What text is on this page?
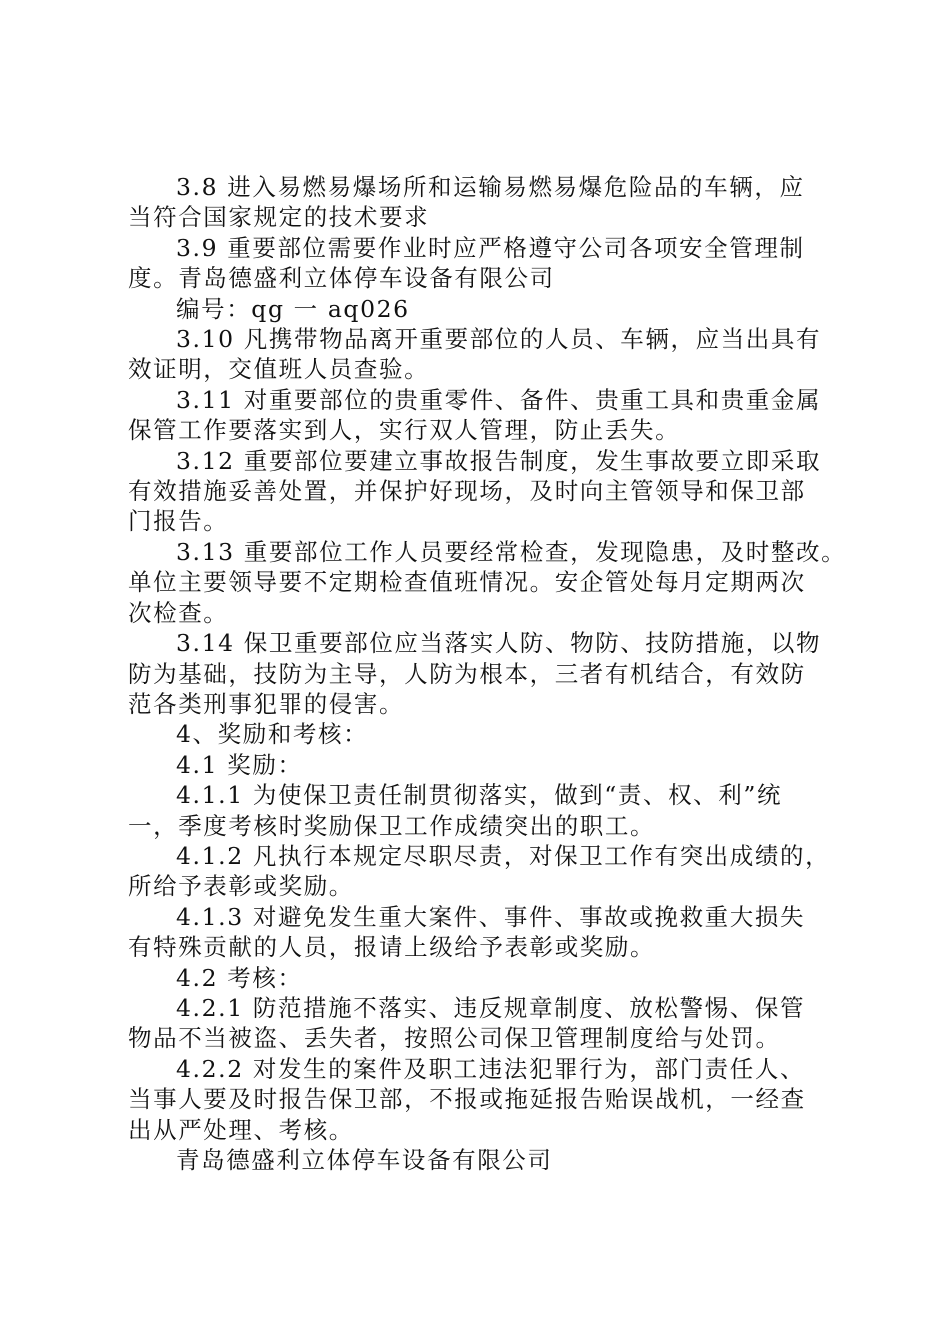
3.8 进入易燃易爆场所和运输易燃易爆危险品的车辆，应
当符合国家规定的技术要求

3.9 重要部位需要作业时应严格遵守公司各项安全管理制
度。青岛德盛利立体停车设备有限公司

编号：qg 一 aq026

3.10 凡携带物品离开重要部位的人员、车辆，应当出具有
效证明，交值班人员查验。

3.11 对重要部位的贵重零件、备件、贵重工具和贵重金属
保管工作要落实到人，实行双人管理，防止丢失。

3.12 重要部位要建立事故报告制度，发生事故要立即采取
有效措施妥善处置，并保护好现场，及时向主管领导和保卫部
门报告。

3.13 重要部位工作人员要经常检查，发现隐患，及时整改。
单位主要领导要不定期检查值班情况。安企管处每月定期两次
次检查。

3.14 保卫重要部位应当落实人防、物防、技防措施，以物
防为基础，技防为主导，人防为根本，三者有机结合，有效防
范各类刑事犯罪的侵害。

4、奖励和考核：

4.1 奖励：

4.1.1 为使保卫责任制贯彻落实，做到“责、权、利”统
一，季度考核时奖励保卫工作成绩突出的职工。

4.1.2 凡执行本规定尽职尽责，对保卫工作有突出成绩的，
所给予表彰或奖励。

4.1.3 对避免发生重大案件、事件、事故或挽救重大损失
有特殊贡献的人员，报请上级给予表彰或奖励。

4.2 考核：

4.2.1 防范措施不落实、违反规章制度、放松警惕、保管
物品不当被盗、丢失者，按照公司保卫管理制度给与处罚。

4.2.2 对发生的案件及职工违法犯罪行为，部门责任人、
当事人要及时报告保卫部，不报或拖延报告贻误战机，一经查
出从严处理、考核。

青岛德盛利立体停车设备有限公司
